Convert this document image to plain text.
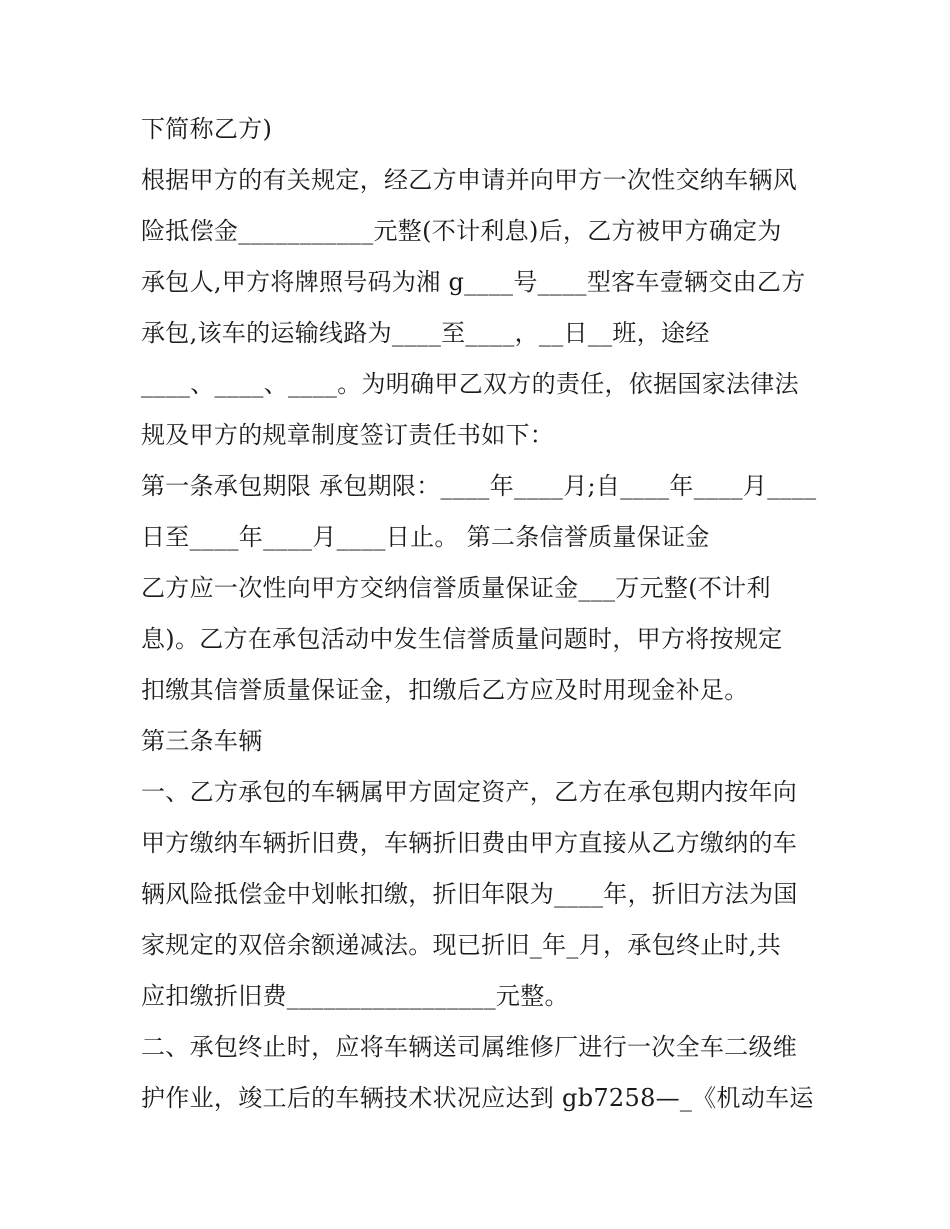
下简称乙方)
根据甲方的有关规定，经乙方申请并向甲方一次性交纳车辆风
险抵偿金___________元整(不计利息)后，乙方被甲方确定为
承包人,甲方将牌照号码为湘 g____号____型客车壹辆交由乙方
承包,该车的运输线路为____至____，__日__班，途经
____、____、____。为明确甲乙双方的责任，依据国家法律法
规及甲方的规章制度签订责任书如下：
第一条承包期限 承包期限：____年____月;自____年____月____
日至____年____月____日止。 第二条信誉质量保证金
乙方应一次性向甲方交纳信誉质量保证金___万元整(不计利
息)。乙方在承包活动中发生信誉质量问题时，甲方将按规定
扣缴其信誉质量保证金，扣缴后乙方应及时用现金补足。
第三条车辆
一、乙方承包的车辆属甲方固定资产，乙方在承包期内按年向
甲方缴纳车辆折旧费，车辆折旧费由甲方直接从乙方缴纳的车
辆风险抵偿金中划帐扣缴，折旧年限为____年，折旧方法为国
家规定的双倍余额递减法。现已折旧_年_月，承包终止时,共
应扣缴折旧费_________________元整。
二、承包终止时，应将车辆送司属维修厂进行一次全车二级维
护作业，竣工后的车辆技术状况应达到 gb7258—_《机动车运
